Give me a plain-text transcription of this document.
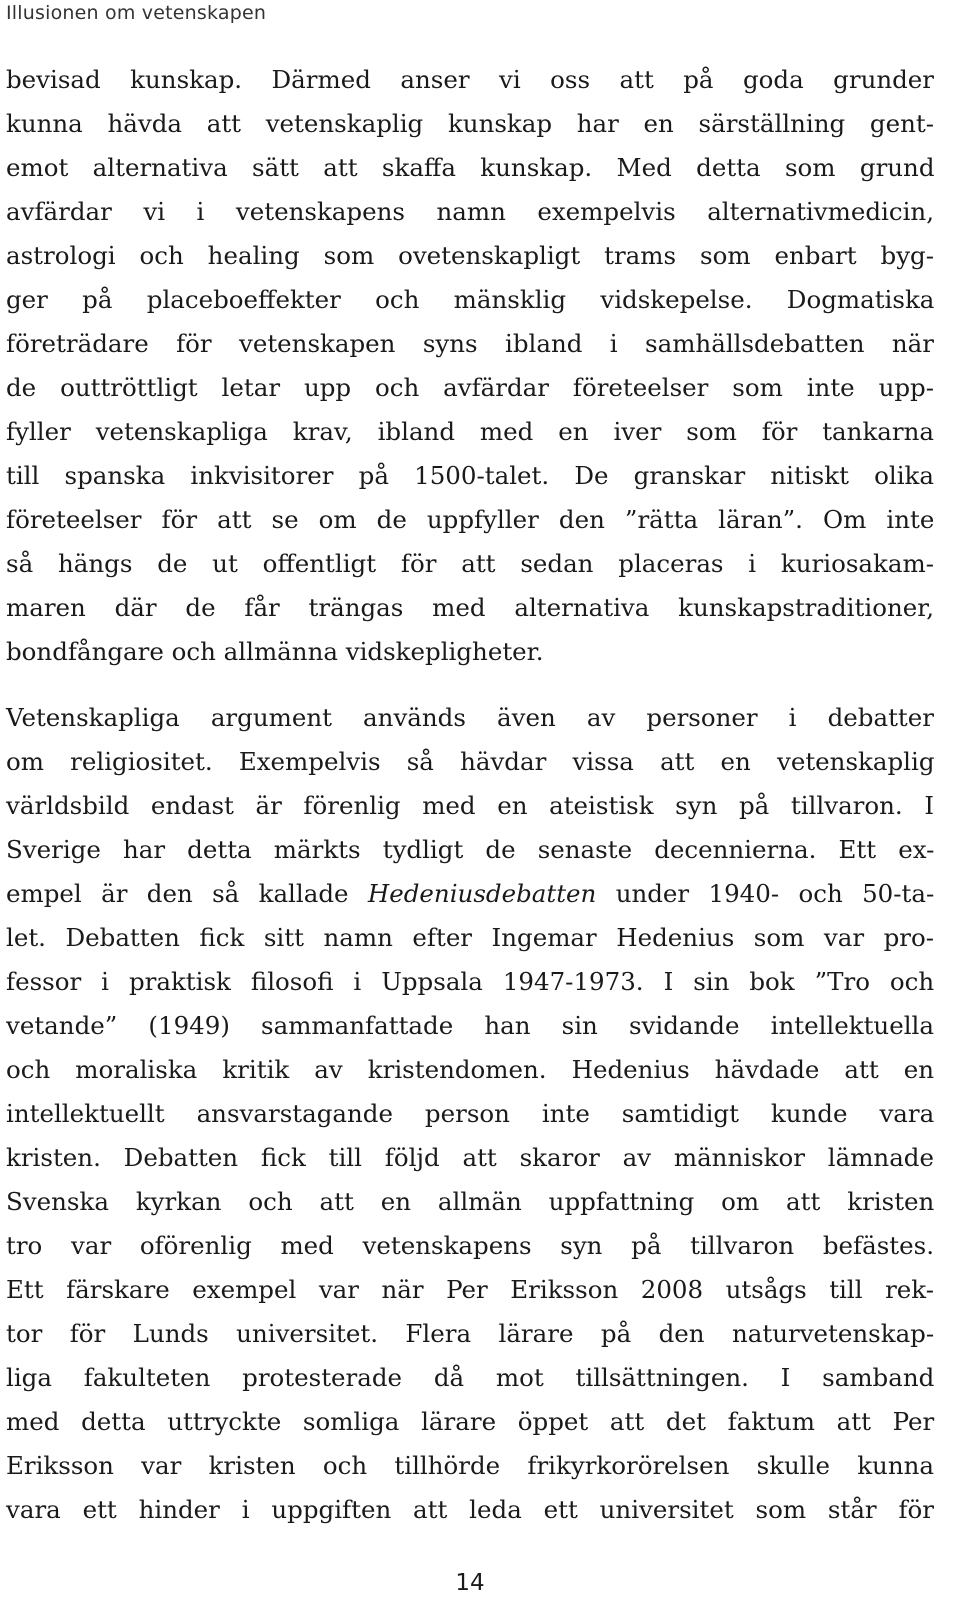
Illusionen om vetenskapen

bevisad kunskap. Därmed anser vi oss att på goda grunder
kunna hävda att vetenskaplig kunskap har en särställning gent-
emot alternativa sätt att skaffa kunskap. Med detta som grund
avfärdar vi i vetenskapens namn exempelvis alternativmedicin,
astrologi och healing som ovetenskapligt trams som enbart byg-
ger på placeboeffekter och mänsklig vidskepelse. Dogmatiska
företrädare för vetenskapen syns ibland i samhällsdebatten när
de outtröttligt letar upp och avfärdar företeelser som inte upp-
fyller vetenskapliga krav, ibland med en iver som för tankarna
till spanska inkvisitorer på 1500-talet. De granskar nitiskt olika
företeelser för att se om de uppfyller den ”rätta läran”. Om inte
så hängs de ut offentligt för att sedan placeras i kuriosakam-
maren där de får trängas med alternativa kunskapstraditioner,
bondfångare och allmänna vidskepligheter.

Vetenskapliga argument används även av personer i debatter
om religiositet. Exempelvis så hävdar vissa att en vetenskaplig
världsbild endast är förenlig med en ateistisk syn på tillvaron. I
Sverige har detta märkts tydligt de senaste decennierna. Ett ex-
empel är den så kallade Hedeniusdebatten under 1940- och 50-ta-
let. Debatten fick sitt namn efter Ingemar Hedenius som var pro-
fessor i praktisk filosofi i Uppsala 1947-1973. I sin bok ”Tro och
vetande” (1949) sammanfattade han sin svidande intellektuella
och moraliska kritik av kristendomen. Hedenius hävdade att en
intellektuellt ansvarstagande person inte samtidigt kunde vara
kristen. Debatten fick till följd att skaror av människor lämnade
Svenska kyrkan och att en allmän uppfattning om att kristen
tro var oförenlig med vetenskapens syn på tillvaron befästes.
Ett färskare exempel var när Per Eriksson 2008 utsågs till rek-
tor för Lunds universitet. Flera lärare på den naturvetenskap-
liga fakulteten protesterade då mot tillsättningen. I samband
med detta uttryckte somliga lärare öppet att det faktum att Per
Eriksson var kristen och tillhörde frikyrkorörelsen skulle kunna
vara ett hinder i uppgiften att leda ett universitet som står för

14
